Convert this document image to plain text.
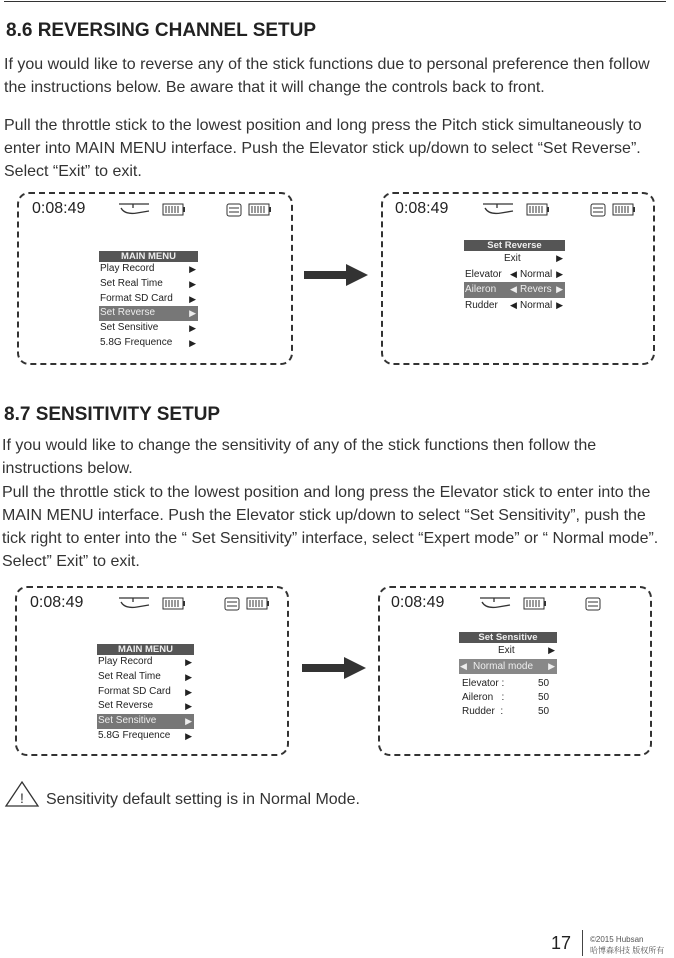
8.6 REVERSING CHANNEL SETUP
If you would like to reverse any of the stick functions due to personal preference then follow the instructions below. Be aware that it will change the controls back to front.
Pull the throttle stick to the lowest position and long press the Pitch stick simultaneously to enter into MAIN MENU interface. Push the Elevator stick up/down to select “Set Reverse”. Select “Exit” to exit.
0:08:49
MAIN MENU
Play Record	▶
Set Real Time	▶
Format SD Card ▶
Set Reverse	▶
Set Sensitive	▶
5.8G Frequence ▶
0:08:49
Set Reverse
Exit	▶
Elevator ◀ Normal ▶
Aileron ◀ Revers ▶
Rudder ◀ Normal ▶
8.7 SENSITIVITY SETUP
If you would like to change the sensitivity of any of the stick functions then follow the instructions below.
Pull the throttle stick to the lowest position and long press the Elevator stick to enter into the MAIN MENU interface. Push the Elevator stick up/down to select “Set Sensitivity”, push the tick right to enter into the “ Set Sensitivity” interface, select “Expert mode” or “ Normal mode”. Select” Exit” to exit.
0:08:49
MAIN MENU
Play Record	▶
Set Real Time	▶
Format SD Card ▶
Set Reverse	▶
Set Sensitive	▶
5.8G Frequence ▶
0:08:49
Set Sensitive
Exit	▶
◀ Normal mode ▶
Elevator :	50
Aileron   :	50
Rudder  :	50
! Sensitivity default setting is in Normal Mode.
17 ©2015 Hubsan
哈博森科技 版权所有
